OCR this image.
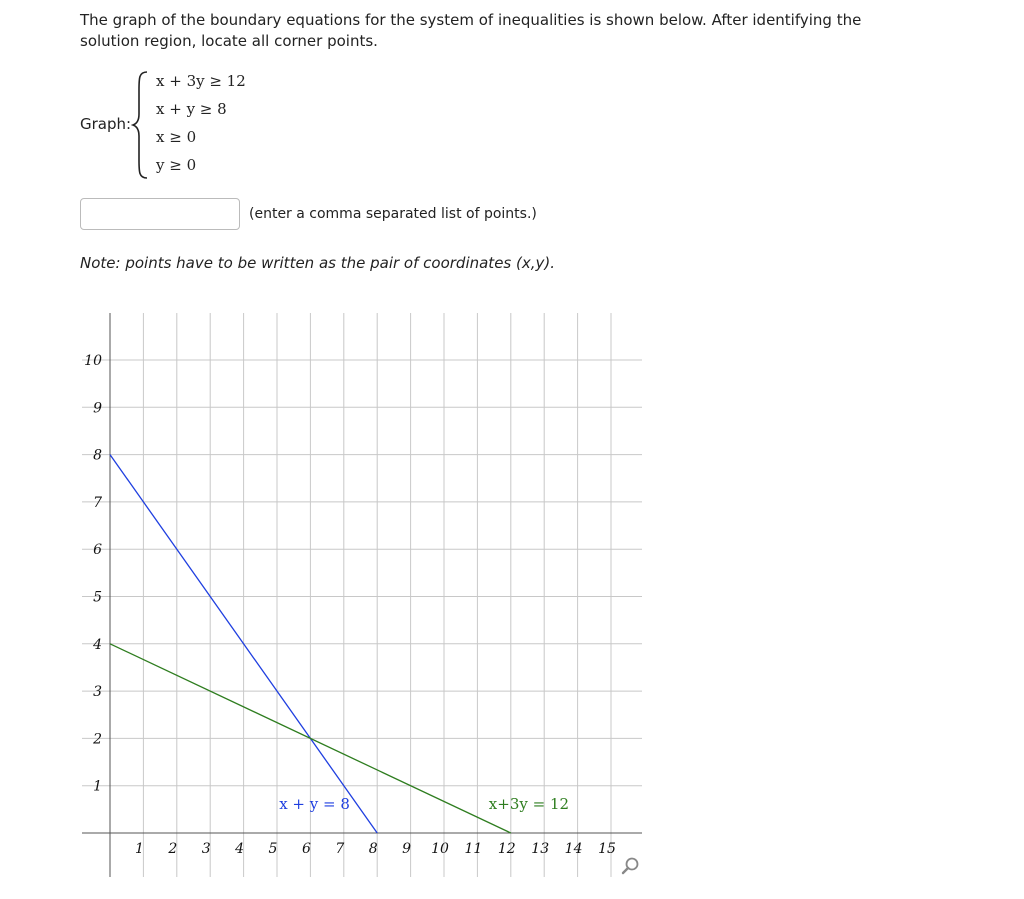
The graph of the boundary equations for the system of inequalities is shown below. After identifying the solution region, locate all corner points.
Graph:
x + 3y ≥ 12
x + y ≥ 8
x ≥ 0
y ≥ 0
(enter a comma separated list of points.)
Note: points have to be written as the pair of coordinates (x,y).
1 2 3 4 5 6 7 8 9 10 11 12 13 14 15
1
2
3
4
5
6
7
8
9
10
x + y = 8	x+3y = 12
